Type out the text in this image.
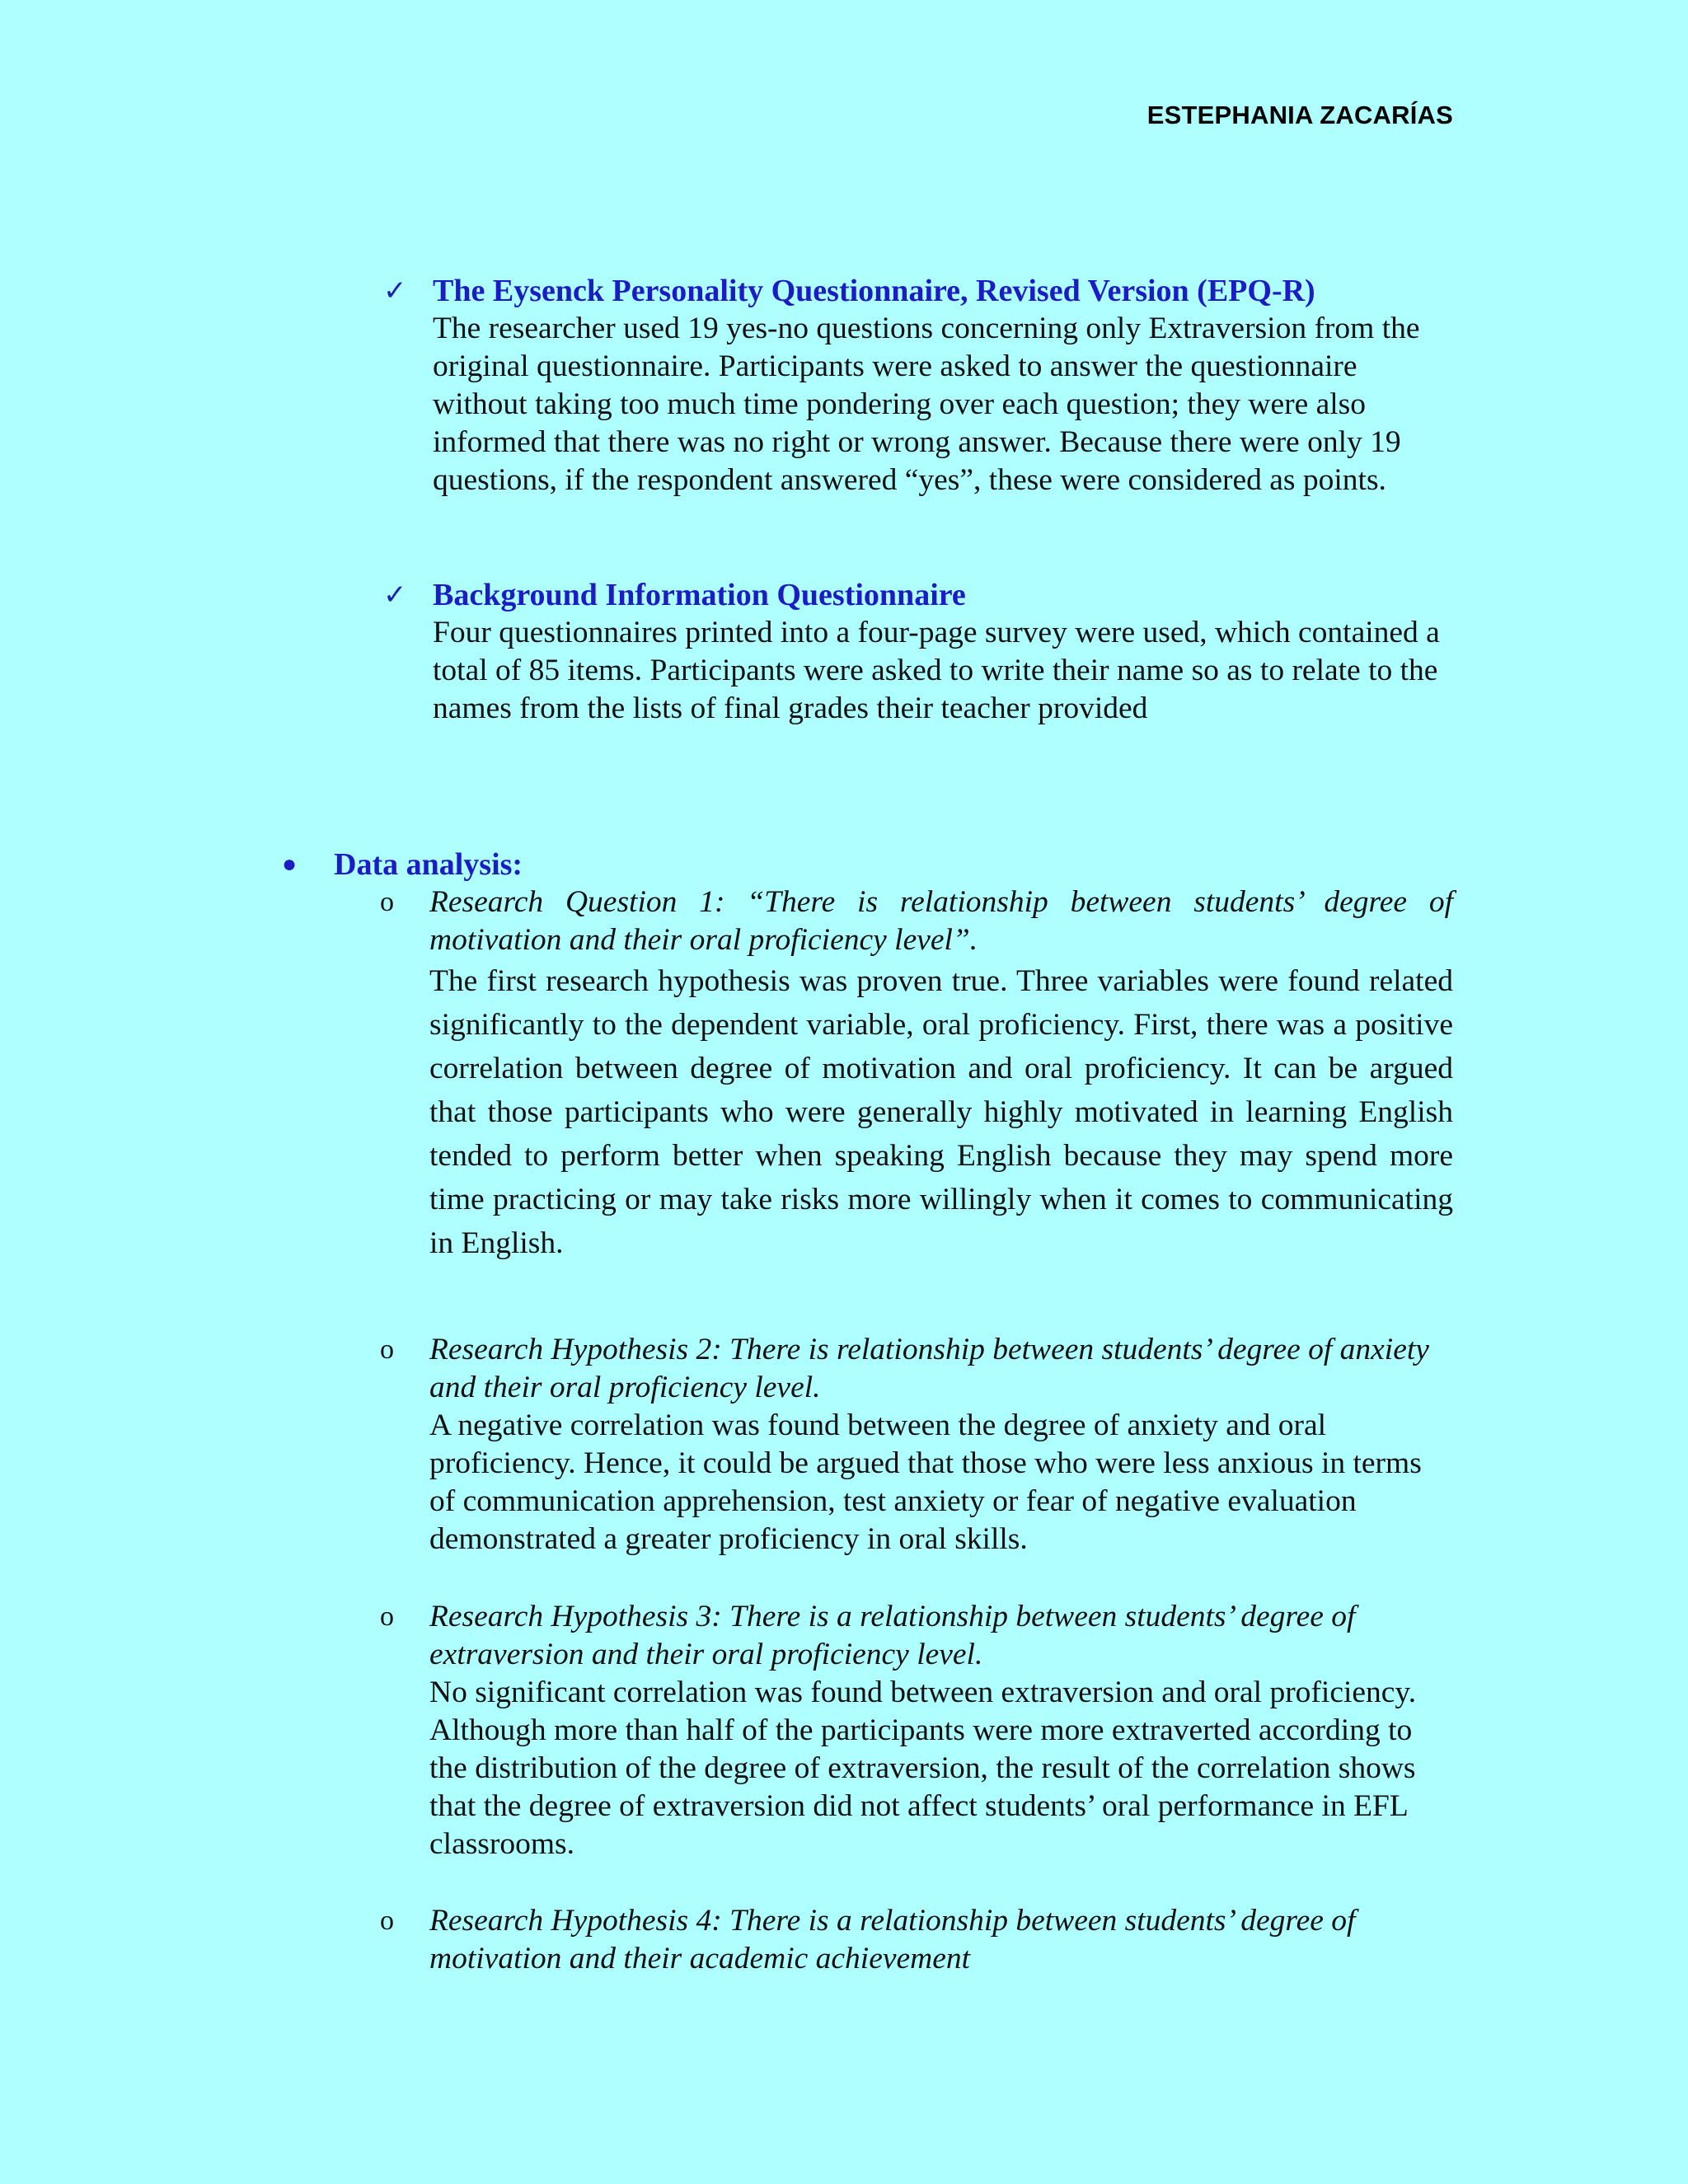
ESTEPHANIA ZACARÍAS
✓ The Eysenck Personality Questionnaire, Revised Version (EPQ-R)
The researcher used 19 yes-no questions concerning only Extraversion from the original questionnaire. Participants were asked to answer the questionnaire without taking too much time pondering over each question; they were also informed that there was no right or wrong answer. Because there were only 19 questions, if the respondent answered “yes”, these were considered as points.
✓ Background Information Questionnaire
Four questionnaires printed into a four-page survey were used, which contained a total of 85 items. Participants were asked to write their name so as to relate to the names from the lists of final grades their teacher provided
● Data analysis:
o	Research Question 1: “There is relationship between students’ degree of motivation and their oral proficiency level”.
The first research hypothesis was proven true. Three variables were found related significantly to the dependent variable, oral proficiency. First, there was a positive correlation between degree of motivation and oral proficiency. It can be argued that those participants who were generally highly motivated in learning English tended to perform better when speaking English because they may spend more time practicing or may take risks more willingly when it comes to communicating in English.
o	Research Hypothesis 2: There is relationship between students’ degree of anxiety and their oral proficiency level.
A negative correlation was found between the degree of anxiety and oral proficiency. Hence, it could be argued that those who were less anxious in terms of communication apprehension, test anxiety or fear of negative evaluation demonstrated a greater proficiency in oral skills.
o	Research Hypothesis 3: There is a relationship between students’ degree of extraversion and their oral proficiency level.
No significant correlation was found between extraversion and oral proficiency. Although more than half of the participants were more extraverted according to the distribution of the degree of extraversion, the result of the correlation shows that the degree of extraversion did not affect students’ oral performance in EFL classrooms.
o	Research Hypothesis 4: There is a relationship between students’ degree of motivation and their academic achievement
